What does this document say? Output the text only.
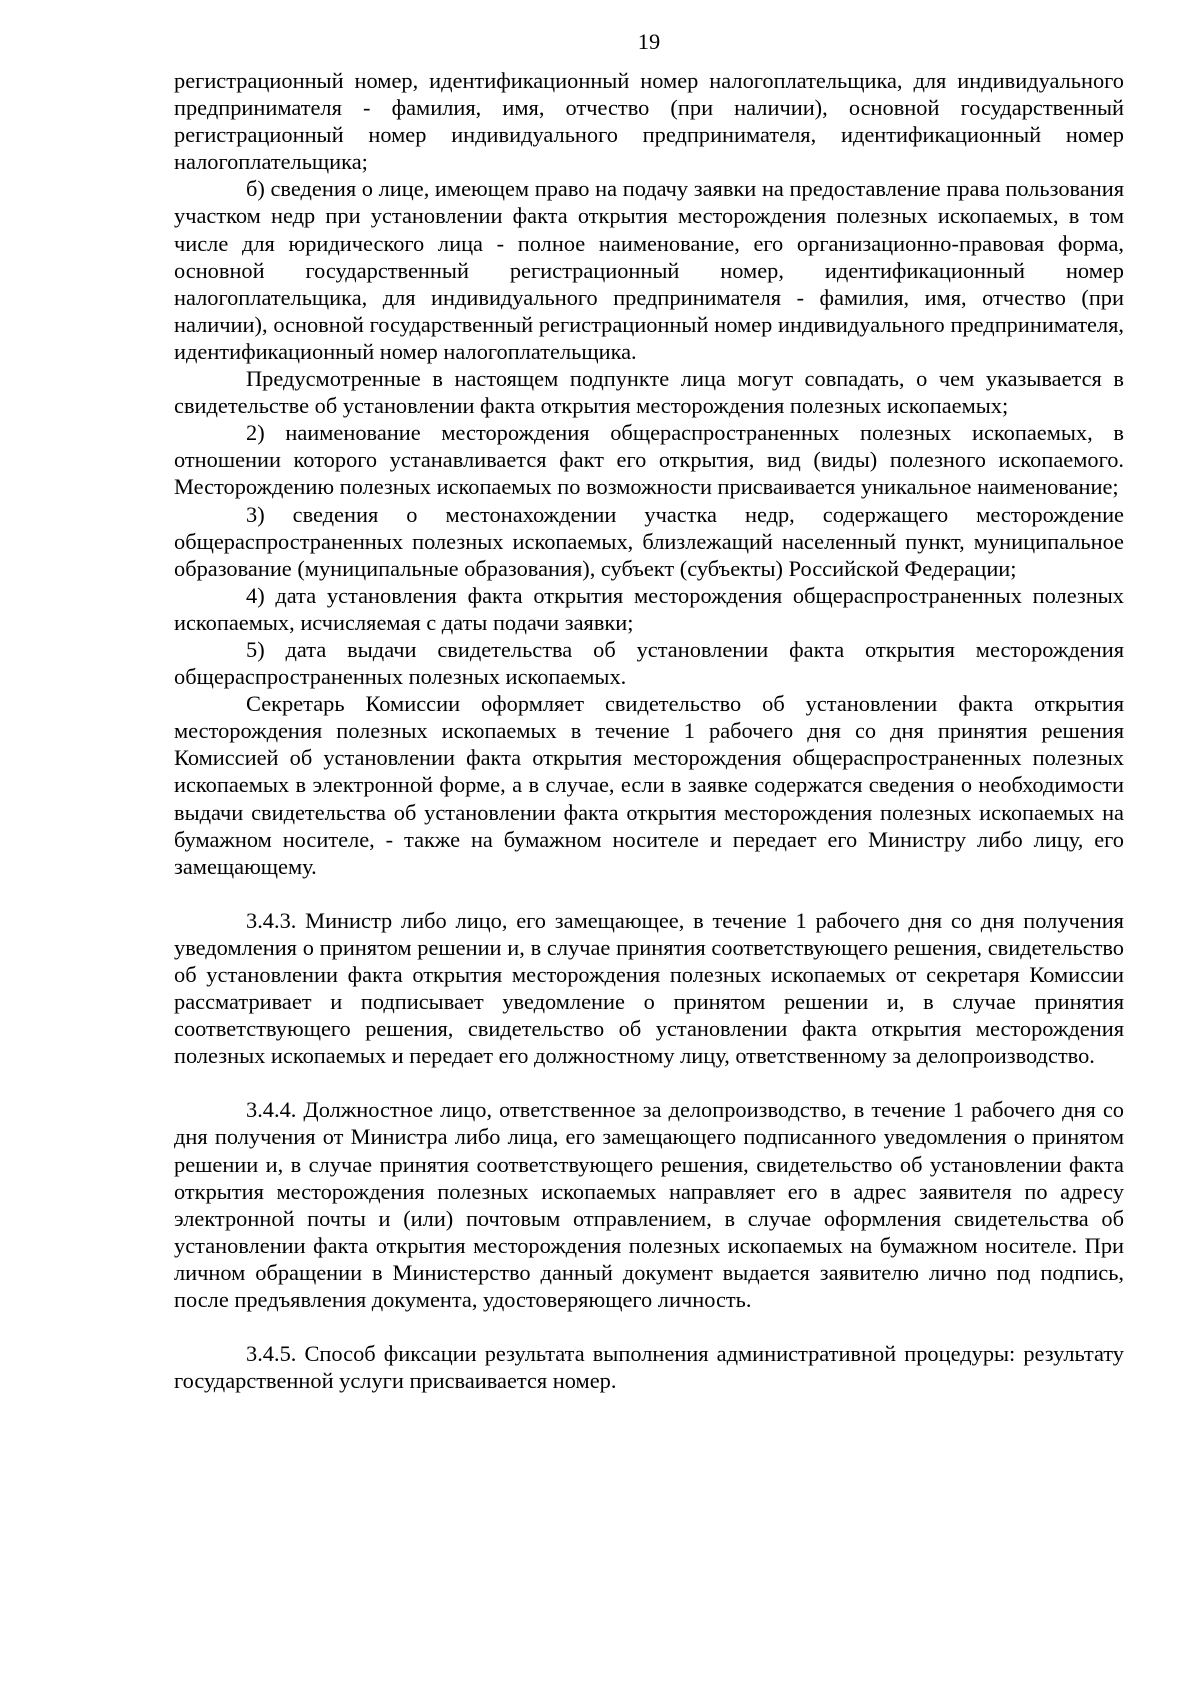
19

регистрационный номер, идентификационный номер налогоплательщика, для индивидуального предпринимателя - фамилия, имя, отчество (при наличии), основной государственный регистрационный номер индивидуального предпринимателя, идентификационный номер налогоплательщика;

б) сведения о лице, имеющем право на подачу заявки на предоставление права пользования участком недр при установлении факта открытия месторождения полезных ископаемых, в том числе для юридического лица - полное наименование, его организационно-правовая форма, основной государственный регистрационный номер, идентификационный номер налогоплательщика, для индивидуального предпринимателя - фамилия, имя, отчество (при наличии), основной государственный регистрационный номер индивидуального предпринимателя, идентификационный номер налогоплательщика.

Предусмотренные в настоящем подпункте лица могут совпадать, о чем указывается в свидетельстве об установлении факта открытия месторождения полезных ископаемых;

2) наименование месторождения общераспространенных полезных ископаемых, в отношении которого устанавливается факт его открытия, вид (виды) полезного ископаемого. Месторождению полезных ископаемых по возможности присваивается уникальное наименование;

3) сведения о местонахождении участка недр, содержащего месторождение общераспространенных полезных ископаемых, близлежащий населенный пункт, муниципальное образование (муниципальные образования), субъект (субъекты) Российской Федерации;

4) дата установления факта открытия месторождения общераспространенных полезных ископаемых, исчисляемая с даты подачи заявки;

5) дата выдачи свидетельства об установлении факта открытия месторождения общераспространенных полезных ископаемых.

Секретарь Комиссии оформляет свидетельство об установлении факта открытия месторождения полезных ископаемых в течение 1 рабочего дня со дня принятия решения Комиссией об установлении факта открытия месторождения общераспространенных полезных ископаемых в электронной форме, а в случае, если в заявке содержатся сведения о необходимости выдачи свидетельства об установлении факта открытия месторождения полезных ископаемых на бумажном носителе, - также на бумажном носителе и передает его Министру либо лицу, его замещающему.

3.4.3. Министр либо лицо, его замещающее, в течение 1 рабочего дня со дня получения уведомления о принятом решении и, в случае принятия соответствующего решения, свидетельство об установлении факта открытия месторождения полезных ископаемых от секретаря Комиссии рассматривает и подписывает уведомление о принятом решении и, в случае принятия соответствующего решения, свидетельство об установлении факта открытия месторождения полезных ископаемых и передает его должностному лицу, ответственному за делопроизводство.

3.4.4. Должностное лицо, ответственное за делопроизводство, в течение 1 рабочего дня со дня получения от Министра либо лица, его замещающего подписанного уведомления о принятом решении и, в случае принятия соответствующего решения, свидетельство об установлении факта открытия месторождения полезных ископаемых направляет его в адрес заявителя по адресу электронной почты и (или) почтовым отправлением, в случае оформления свидетельства об установлении факта открытия месторождения полезных ископаемых на бумажном носителе. При личном обращении в Министерство данный документ выдается заявителю лично под подпись, после предъявления документа, удостоверяющего личность.

3.4.5. Способ фиксации результата выполнения административной процедуры: результату государственной услуги присваивается номер.
